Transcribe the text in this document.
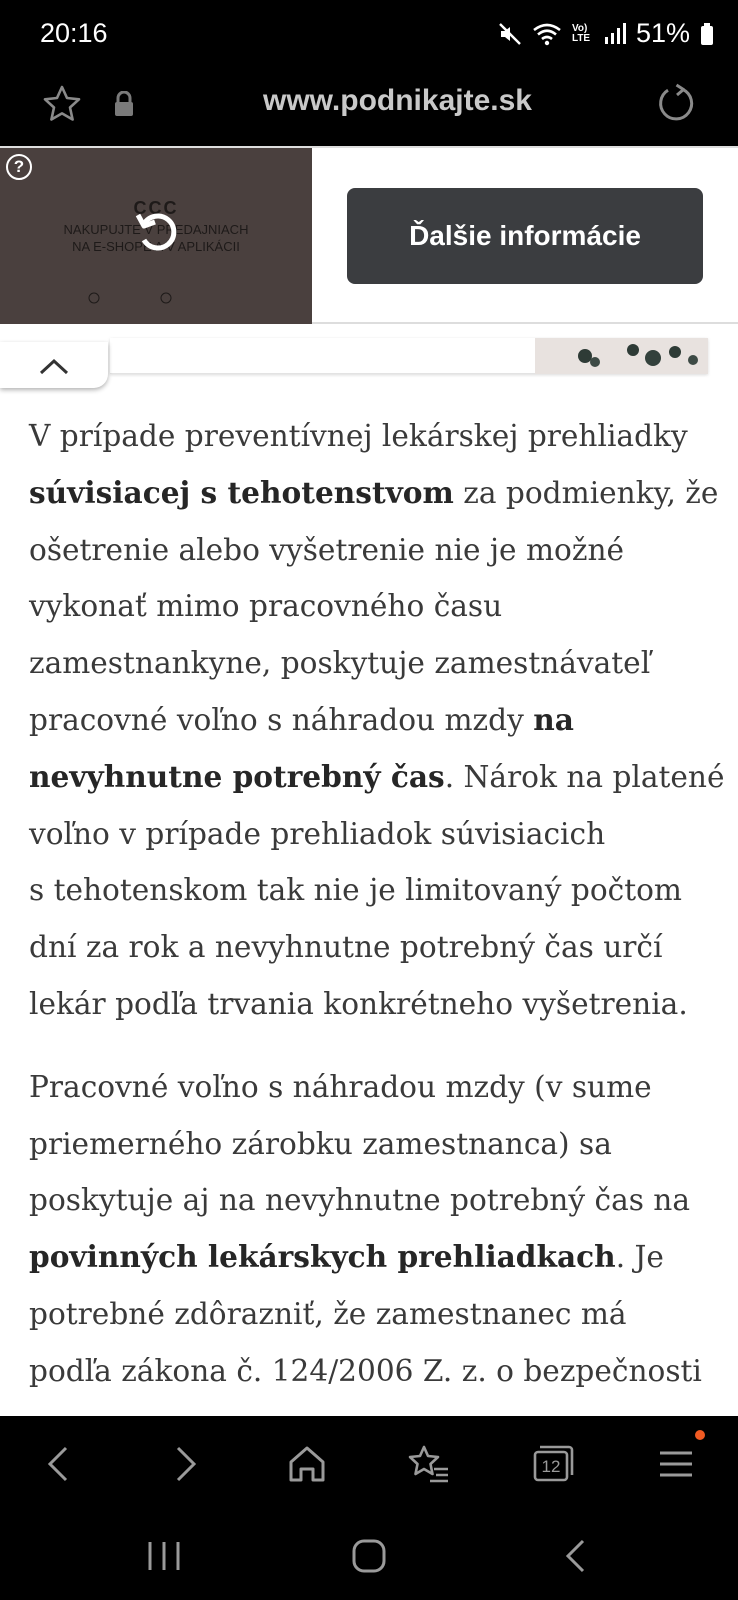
20:16	Vo) LTE 51%
www.podnikajte.sk
?
CCC
NAKUPUJTE V PREDAJNIACH
NA E-SHOPE A V APLIKÁCII	Ďalšie informácie

V prípade preventívnej lekárskej prehliadky
súvisiacej s tehotenstvom za podmienky, že
ošetrenie alebo vyšetrenie nie je možné
vykonať mimo pracovného času
zamestnankyne, poskytuje zamestnávateľ
pracovné voľno s náhradou mzdy na
nevyhnutne potrebný čas. Nárok na platené
voľno v prípade prehliadok súvisiacich
s tehotenskom tak nie je limitovaný počtom
dní za rok a nevyhnutne potrebný čas určí
lekár podľa trvania konkrétneho vyšetrenia.

Pracovné voľno s náhradou mzdy (v sume
priemerného zárobku zamestnanca) sa
poskytuje aj na nevyhnutne potrebný čas na
povinných lekárskych prehliadkach. Je
potrebné zdôrazniť, že zamestnanec má
podľa zákona č. 124/2006 Z. z. o bezpečnosti

12
